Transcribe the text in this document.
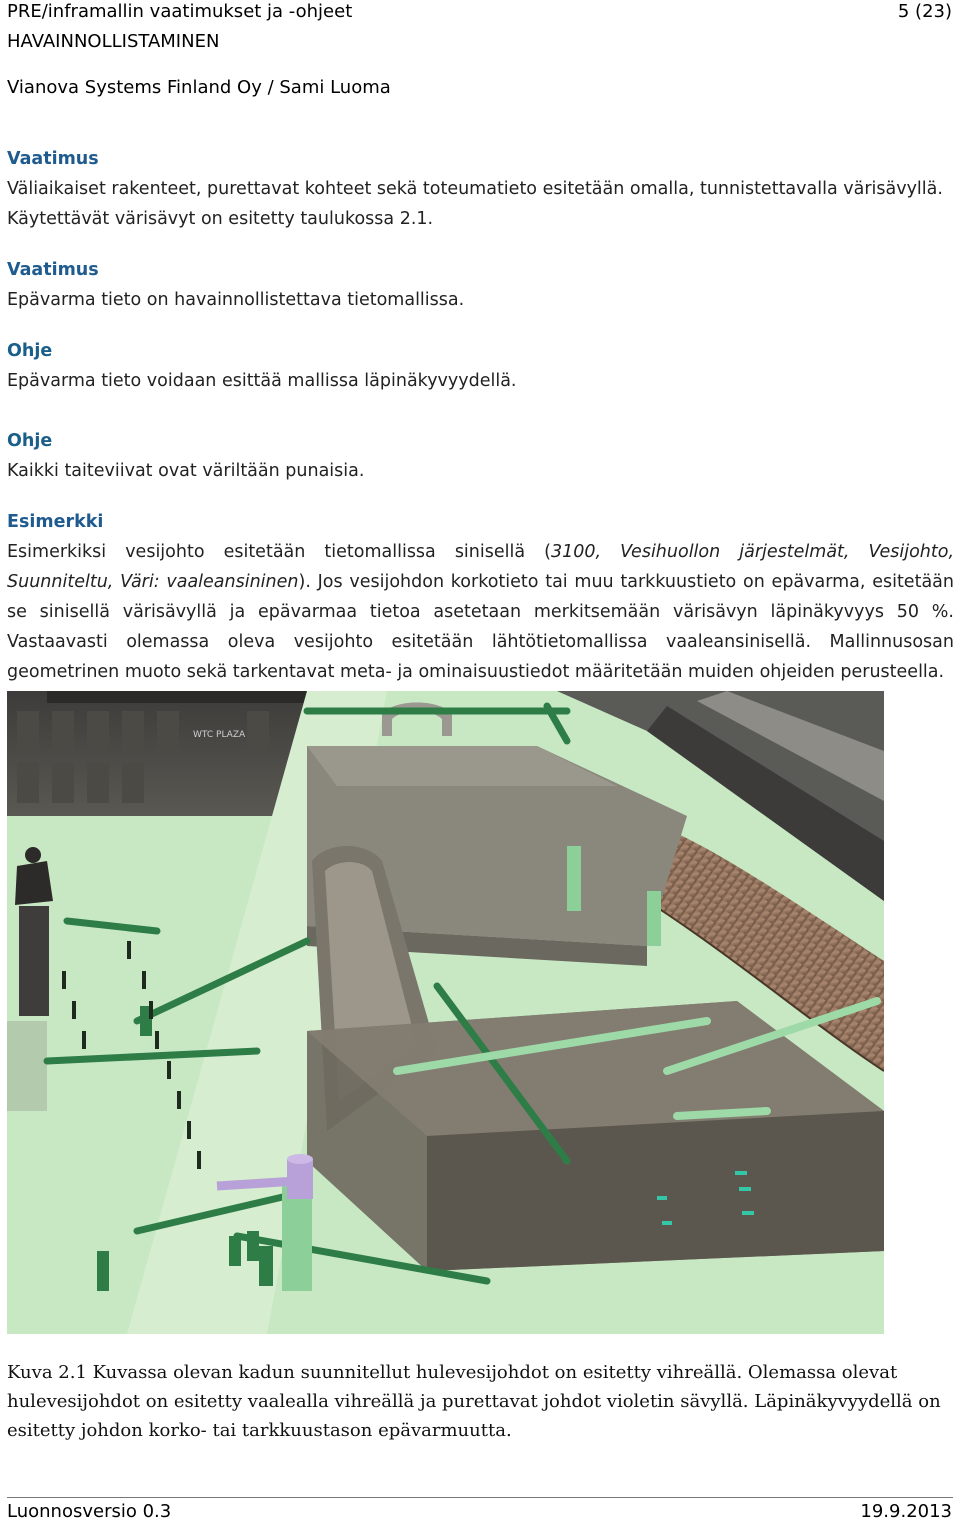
PRE/inframallin vaatimukset ja -ohjeet	5 (23)
HAVAINNOLLISTAMINEN
Vianova Systems Finland Oy / Sami Luoma
Vaatimus
Väliaikaiset rakenteet, purettavat kohteet sekä toteumatieto esitetään omalla, tunnistettavalla värisävyllä. Käytettävät värisävyt on esitetty taulukossa 2.1.
Vaatimus
Epävarma tieto on havainnollistettava tietomallissa.
Ohje
Epävarma tieto voidaan esittää mallissa läpinäkyvyydellä.
Ohje
Kaikki taiteviivat ovat väriltään punaisia.
Esimerkki
Esimerkiksi vesijohto esitetään tietomallissa sinisellä (3100, Vesihuollon järjestelmät, Vesijohto, Suunniteltu, Väri: vaaleansininen). Jos vesijohdon korkotieto tai muu tarkkuustieto on epävarma, esitetään se sinisellä värisävyllä ja epävarmaa tietoa asetetaan merkitsemään värisävyn läpinäkyvyys 50 %. Vastaavasti olemassa oleva vesijohto esitetään lähtötietomallissa vaaleansinisellä. Mallinnusosan geometrinen muoto sekä tarkentavat meta- ja ominaisuustiedot määritetään muiden ohjeiden perusteella.
WTC PLAZA
Kuva 2.1 Kuvassa olevan kadun suunnitellut hulevesijohdot on esitetty vihreällä. Olemassa olevat hulevesijohdot on esitetty vaalealla vihreällä ja purettavat johdot violetin sävyllä. Läpinäkyvyydellä on esitetty johdon korko- tai tarkkuustason epävarmuutta.
Luonnosversio 0.3	19.9.2013
